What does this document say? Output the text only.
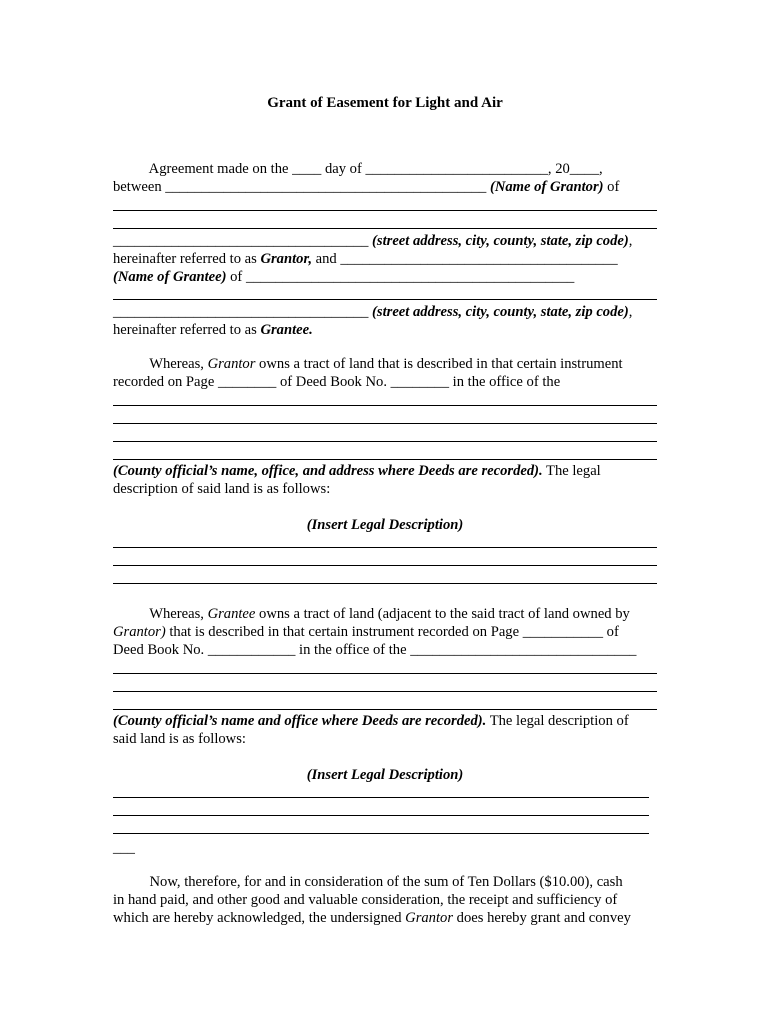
Grant of Easement for Light and Air
Agreement made on the ____ day of _________________________, 20____,
between ____________________________________________ (Name of Grantor) of
___________________________________ (street address, city, county, state, zip code),
hereinafter referred to as Grantor, and ______________________________________
(Name of Grantee) of _____________________________________________
___________________________________ (street address, city, county, state, zip code),
hereinafter referred to as Grantee.
Whereas, Grantor owns a tract of land that is described in that certain instrument
recorded on Page ________ of Deed Book No. ________ in the office of the
(County official’s name, office, and address where Deeds are recorded). The legal
description of said land is as follows:
(Insert Legal Description)
Whereas, Grantee owns a tract of land (adjacent to the said tract of land owned by
Grantor) that is described in that certain instrument recorded on Page ___________ of
Deed Book No. ____________ in the office of the _______________________________
(County official’s name and office where Deeds are recorded). The legal description of
said land is as follows:
(Insert Legal Description)
___
Now, therefore, for and in consideration of the sum of Ten Dollars ($10.00), cash
in hand paid, and other good and valuable consideration, the receipt and sufficiency of
which are hereby acknowledged, the undersigned Grantor does hereby grant and convey
